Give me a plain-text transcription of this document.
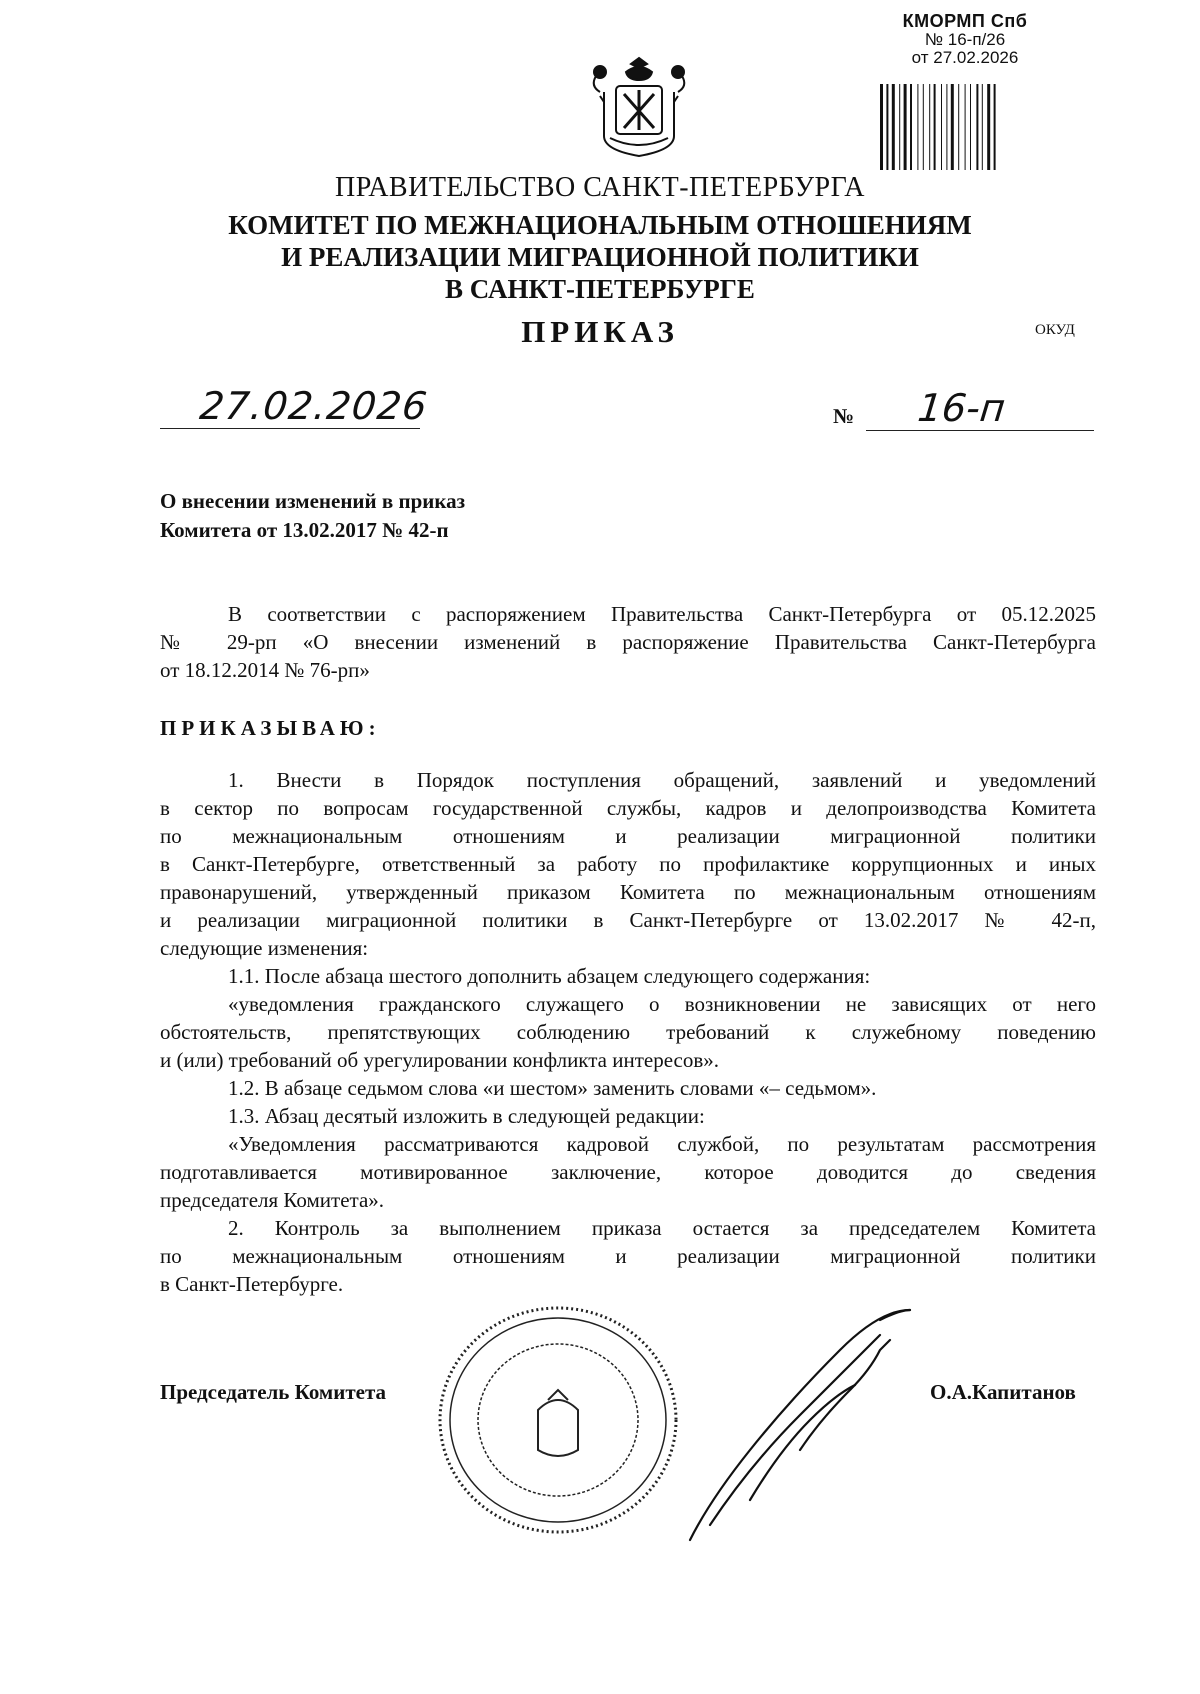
КМОРМП Спб
№ 16-п/26
от 27.02.2026
ПРАВИТЕЛЬСТВО САНКТ-ПЕТЕРБУРГА
КОМИТЕТ ПО МЕЖНАЦИОНАЛЬНЫМ ОТНОШЕНИЯМ
И РЕАЛИЗАЦИИ МИГРАЦИОННОЙ ПОЛИТИКИ
В САНКТ-ПЕТЕРБУРГЕ
ПРИКАЗ	ОКУД
27.02.2026	№ 16-п
О внесении изменений в приказ
Комитета от 13.02.2017 № 42-п
В соответствии с распоряжением Правительства Санкт-Петербурга от 05.12.2025
№ 29-рп «О внесении изменений в распоряжение Правительства Санкт-Петербурга
от 18.12.2014 № 76-рп»
ПРИКАЗЫВАЮ:
1. Внести в Порядок поступления обращений, заявлений и уведомлений
в сектор по вопросам государственной службы, кадров и делопроизводства Комитета
по межнациональным отношениям и реализации миграционной политики
в Санкт-Петербурге, ответственный за работу по профилактике коррупционных и иных
правонарушений, утвержденный приказом Комитета по межнациональным отношениям
и реализации миграционной политики в Санкт-Петербурге от 13.02.2017 № 42-п,
следующие изменения:
1.1. После абзаца шестого дополнить абзацем следующего содержания:
«уведомления гражданского служащего о возникновении не зависящих от него
обстоятельств, препятствующих соблюдению требований к служебному поведению
и (или) требований об урегулировании конфликта интересов».
1.2. В абзаце седьмом слова «и шестом» заменить словами «– седьмом».
1.3. Абзац десятый изложить в следующей редакции:
«Уведомления рассматриваются кадровой службой, по результатам рассмотрения
подготавливается мотивированное заключение, которое доводится до сведения
председателя Комитета».
2. Контроль за выполнением приказа остается за председателем Комитета
по межнациональным отношениям и реализации миграционной политики
в Санкт-Петербурге.
Председатель Комитета	О.А.Капитанов
